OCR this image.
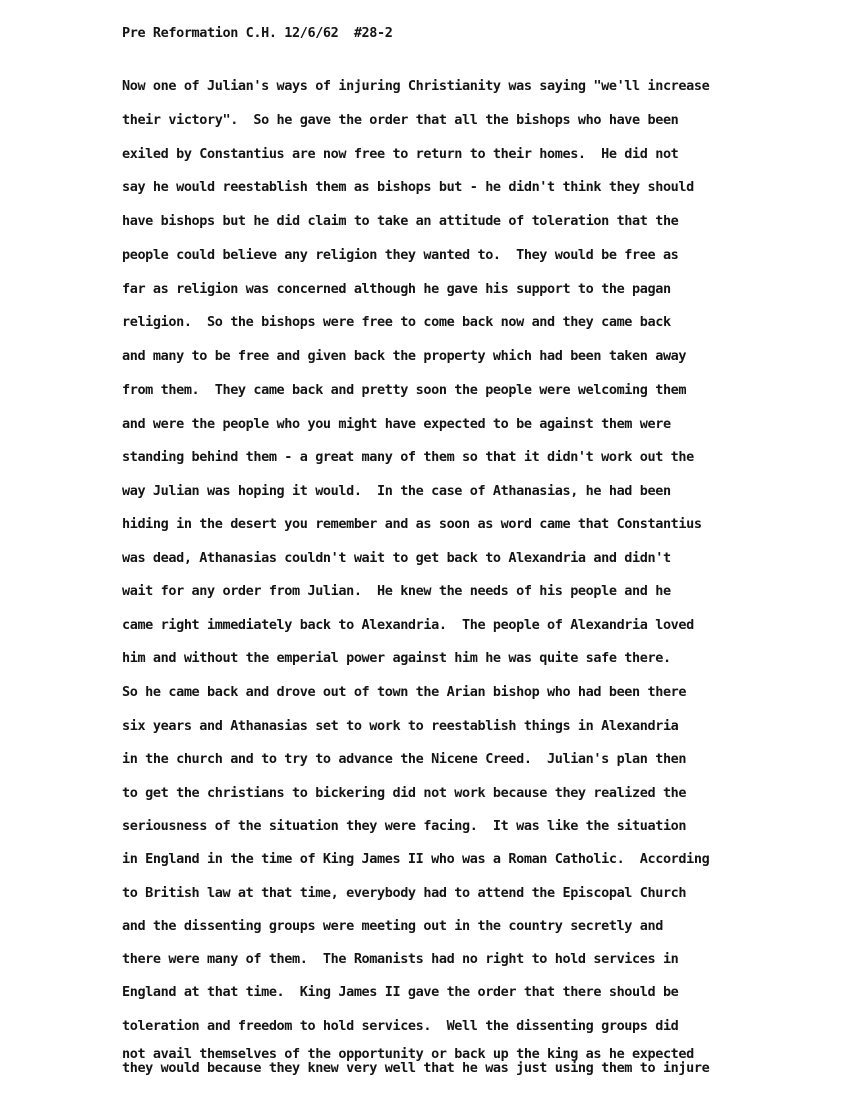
Pre Reformation C.H. 12/6/62  #28-2
Now one of Julian's ways of injuring Christianity was saying "we'll increase
their victory".  So he gave the order that all the bishops who have been
exiled by Constantius are now free to return to their homes.  He did not
say he would reestablish them as bishops but - he didn't think they should
have bishops but he did claim to take an attitude of toleration that the
people could believe any religion they wanted to.  They would be free as
far as religion was concerned although he gave his support to the pagan
religion.  So the bishops were free to come back now and they came back
and many to be free and given back the property which had been taken away
from them.  They came back and pretty soon the people were welcoming them
and were the people who you might have expected to be against them were
standing behind them - a great many of them so that it didn't work out the
way Julian was hoping it would.  In the case of Athanasias, he had been
hiding in the desert you remember and as soon as word came that Constantius
was dead, Athanasias couldn't wait to get back to Alexandria and didn't
wait for any order from Julian.  He knew the needs of his people and he
came right immediately back to Alexandria.  The people of Alexandria loved
him and without the emperial power against him he was quite safe there.
So he came back and drove out of town the Arian bishop who had been there
six years and Athanasias set to work to reestablish things in Alexandria
in the church and to try to advance the Nicene Creed.  Julian's plan then
to get the christians to bickering did not work because they realized the
seriousness of the situation they were facing.  It was like the situation
in England in the time of King James II who was a Roman Catholic.  According
to British law at that time, everybody had to attend the Episcopal Church
and the dissenting groups were meeting out in the country secretly and
there were many of them.  The Romanists had no right to hold services in
England at that time.  King James II gave the order that there should be
toleration and freedom to hold services.  Well the dissenting groups did
not avail themselves of the opportunity or back up the king as he expected
they would because they knew very well that he was just using them to injure
